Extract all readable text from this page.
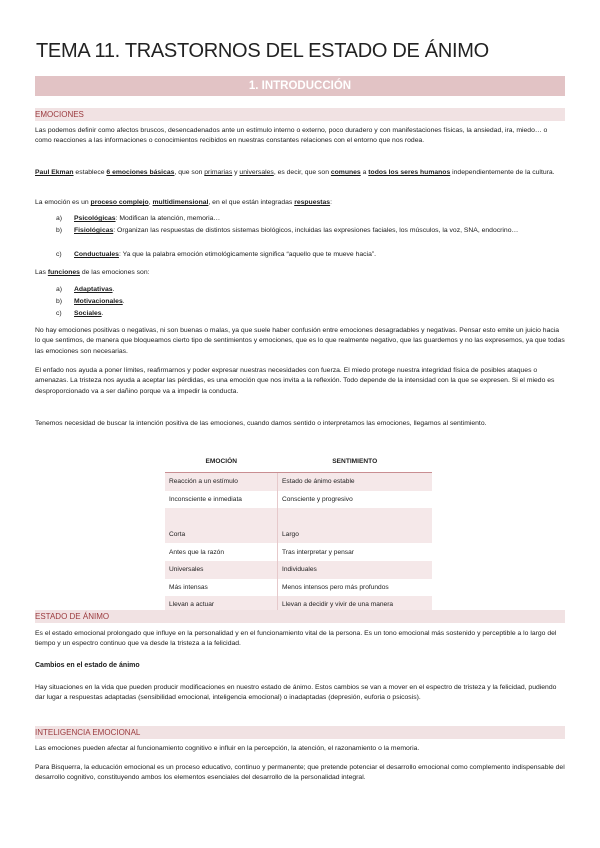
TEMA 11. TRASTORNOS DEL ESTADO DE ÁNIMO
1. INTRODUCCIÓN
EMOCIONES
Las podemos definir como afectos bruscos, desencadenados ante un estímulo interno o externo, poco duradero y con manifestaciones físicas, la ansiedad, ira, miedo… o como reacciones a las informaciones o conocimientos recibidos en nuestras constantes relaciones con el entorno que nos rodea.
Paul Ekman establece 6 emociones básicas, que son primarias y universales, es decir, que son comunes a todos los seres humanos independientemente de la cultura.
La emoción es un proceso complejo, multidimensional, en el que están integradas respuestas:
a) Psicológicas: Modifican la atención, memoria…
b) Fisiológicas: Organizan las respuestas de distintos sistemas biológicos, incluidas las expresiones faciales, los músculos, la voz, SNA, endocrino…
c) Conductuales: Ya que la palabra emoción etimológicamente significa “aquello que te mueve hacia”.
Las funciones de las emociones son:
a) Adaptativas.
b) Motivacionales.
c) Sociales.
No hay emociones positivas o negativas, ni son buenas o malas, ya que suele haber confusión entre emociones desagradables y negativas. Pensar esto emite un juicio hacia lo que sentimos, de manera que bloqueamos cierto tipo de sentimientos y emociones, que es lo que realmente negativo, que las guardemos y no las expresemos, ya que todas las emociones son necesarias.
El enfado nos ayuda a poner límites, reafirmarnos y poder expresar nuestras necesidades con fuerza. El miedo protege nuestra integridad física de posibles ataques o amenazas. La tristeza nos ayuda a aceptar las pérdidas, es una emoción que nos invita a la reflexión. Todo depende de la intensidad con la que se expresen. Si el miedo es desproporcionado va a ser dañino porque va a impedir la conducta.
Tenemos necesidad de buscar la intención positiva de las emociones, cuando damos sentido o interpretamos las emociones, llegamos al sentimiento.
EMOCIÓN	SENTIMIENTO
Reacción a un estímulo	Estado de ánimo estable
Inconsciente e inmediata	Consciente y progresivo

Corta	Largo
Antes que la razón	Tras interpretar y pensar
Universales	Individuales
Más intensas	Menos intensos pero más profundos
Llevan a actuar	Llevan a decidir y vivir de una manera
ESTADO DE ÁNIMO
Es el estado emocional prolongado que influye en la personalidad y en el funcionamiento vital de la persona. Es un tono emocional más sostenido y perceptible a lo largo del tiempo y un espectro continuo que va desde la tristeza a la felicidad.
Cambios en el estado de ánimo
Hay situaciones en la vida que pueden producir modificaciones en nuestro estado de ánimo. Estos cambios se van a mover en el espectro de tristeza y la felicidad, pudiendo dar lugar a respuestas adaptadas (sensibilidad emocional, inteligencia emocional) o inadaptadas (depresión, euforia o psicosis).
INTELIGENCIA EMOCIONAL
Las emociones pueden afectar al funcionamiento cognitivo e influir en la percepción, la atención, el razonamiento o la memoria.
Para Bisquerra, la educación emocional es un proceso educativo, continuo y permanente; que pretende potenciar el desarrollo emocional como complemento indispensable del desarrollo cognitivo, constituyendo ambos los elementos esenciales del desarrollo de la personalidad integral.
